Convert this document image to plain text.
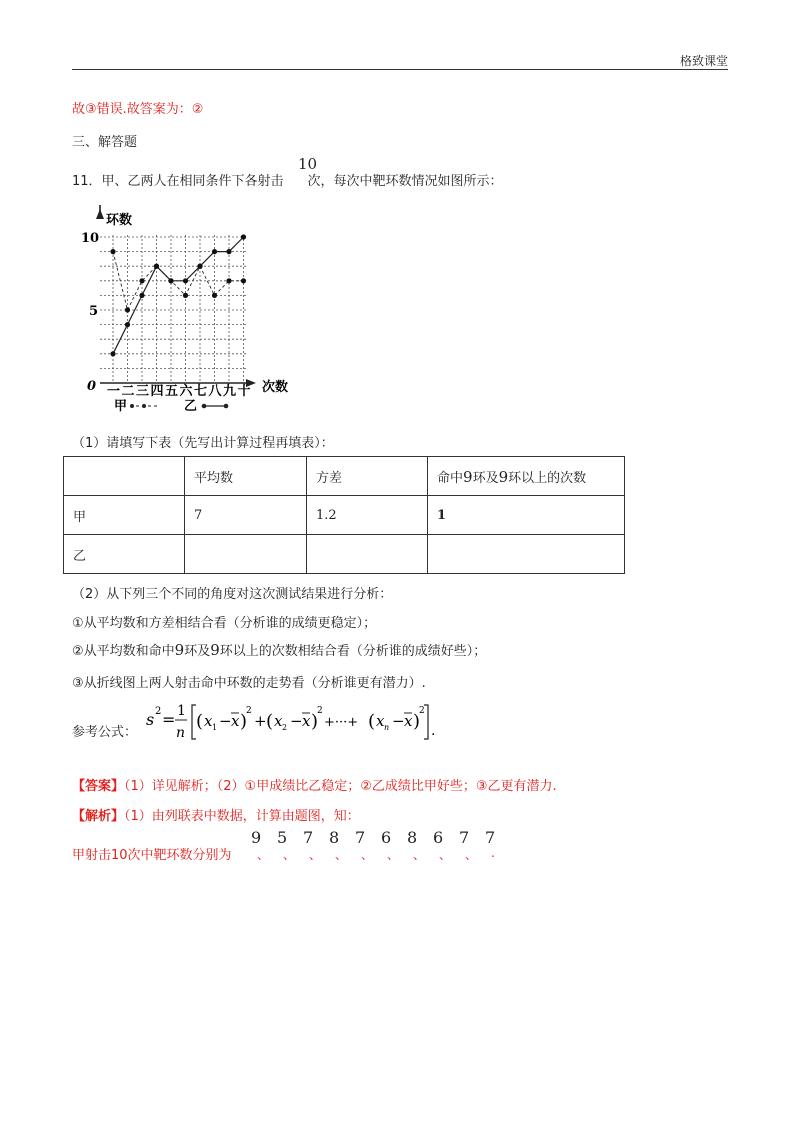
格致课堂
故③错误.故答案为：②
三、解答题
11．甲、乙两人在相同条件下各射击 次，每次中靶环数情况如图所示：
10
环数
次数
10
5
0 一 二 三 四 五 六 七 八 九 十
甲	乙
（1）请填写下表（先写出计算过程再填表）：
	平均数	方差	命中9环及9环以上的次数
甲	7	1.2	1
乙			
（2）从下列三个不同的角度对这次测试结果进行分析：
①从平均数和方差相结合看（分析谁的成绩更稳定）；
②从平均数和命中9环及9环以上的次数相结合看（分析谁的成绩好些）；
③从折线图上两人射击命中环数的走势看（分析谁更有潜力）.
参考公式：
s 2 = 1
n
( x 1 − x )
2
+ ( x 2 − x )
2
+···+ ( x n − x )
2
.
【答案】（1）详见解析；（2）①甲成绩比乙稳定；②乙成绩比甲好些；③乙更有潜力.
【解析】（1）由列联表中数据，计算由题图，知：
甲射击10次中靶环数分别为
9
、
5
、
7
、
8
、
7
、
6
、
8
、
6
、
7
、
7
.
